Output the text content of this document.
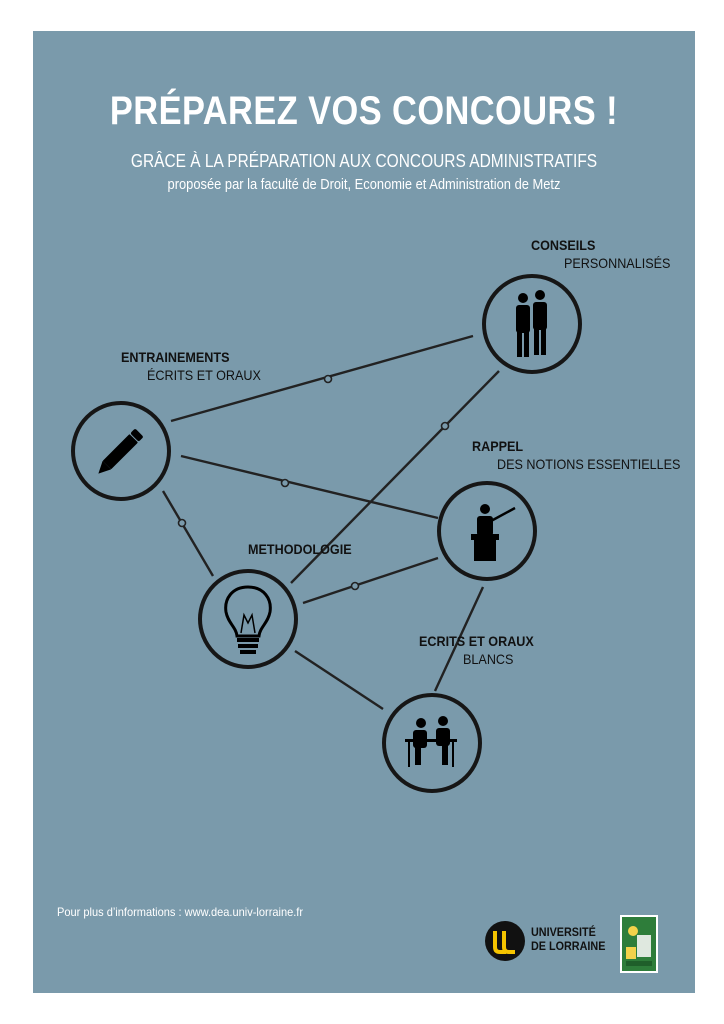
PRÉPAREZ VOS CONCOURS !
GRÂCE À LA PRÉPARATION AUX CONCOURS ADMINISTRATIFS
proposée par la faculté de Droit, Economie et Administration de Metz
CONSEILS
PERSONNALISÉS
ENTRAINEMENTS
ÉCRITS ET ORAUX
RAPPEL
DES NOTIONS ESSENTIELLES
METHODOLOGIE
ECRITS ET ORAUX
BLANCS
Pour plus d’informations : www.dea.univ-lorraine.fr
UNIVERSITÉ
DE LORRAINE
